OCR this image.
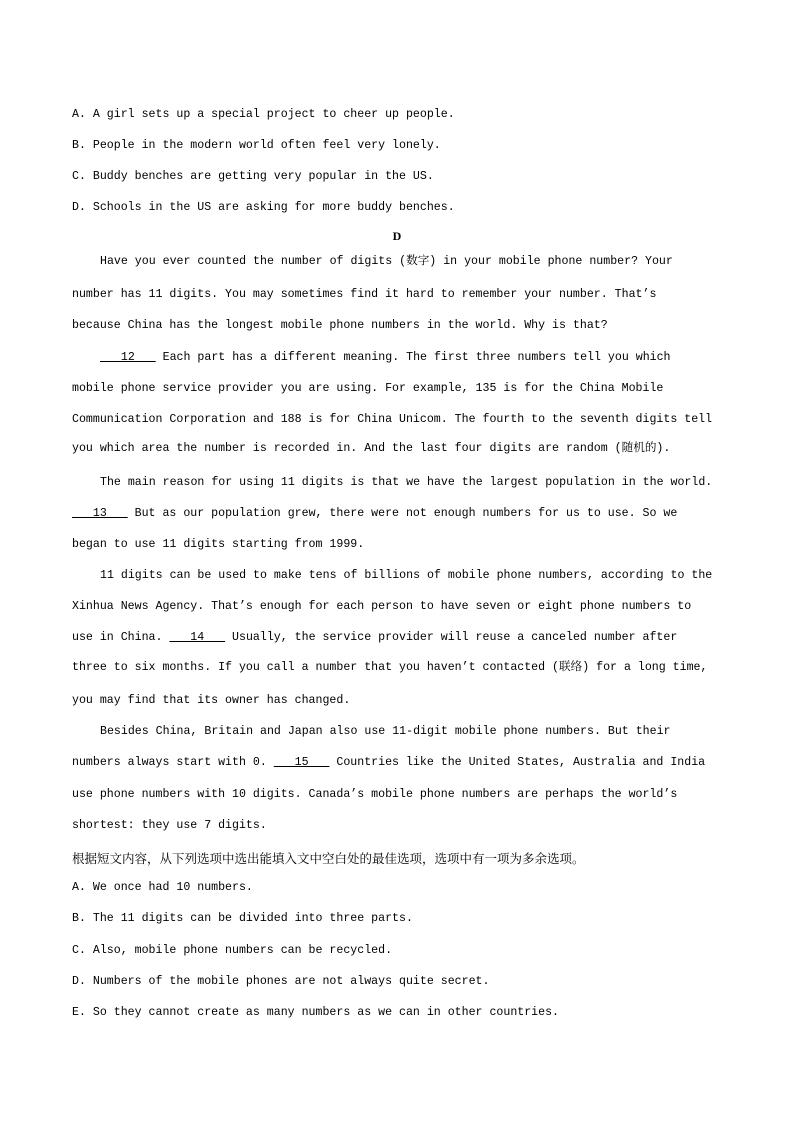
A. A girl sets up a special project to cheer up people.
B. People in the modern world often feel very lonely.
C. Buddy benches are getting very popular in the US.
D. Schools in the US are asking for more buddy benches.
D
Have you ever counted the number of digits (数字) in your mobile phone number? Your
number has 11 digits. You may sometimes find it hard to remember your number. That’s
because China has the longest mobile phone numbers in the world. Why is that?
12    Each part has a different meaning. The first three numbers tell you which
mobile phone service provider you are using. For example, 135 is for the China Mobile
Communication Corporation and 188 is for China Unicom. The fourth to the seventh digits tell
you which area the number is recorded in. And the last four digits are random (随机的).
The main reason for using 11 digits is that we have the largest population in the world.
13    But as our population grew, there were not enough numbers for us to use. So we
began to use 11 digits starting from 1999.
11 digits can be used to make tens of billions of mobile phone numbers, according to the
Xinhua News Agency. That’s enough for each person to have seven or eight phone numbers to
use in China.    14    Usually, the service provider will reuse a canceled number after
three to six months. If you call a number that you haven’t contacted (联络) for a long time,
you may find that its owner has changed.
Besides China, Britain and Japan also use 11-digit mobile phone numbers. But their
numbers always start with 0.    15    Countries like the United States, Australia and India
use phone numbers with 10 digits. Canada’s mobile phone numbers are perhaps the world’s
shortest: they use 7 digits.
根据短文内容，从下列选项中选出能填入文中空白处的最佳选项，选项中有一项为多余选项。
A. We once had 10 numbers.
B. The 11 digits can be divided into three parts.
C. Also, mobile phone numbers can be recycled.
D. Numbers of the mobile phones are not always quite secret.
E. So they cannot create as many numbers as we can in other countries.
